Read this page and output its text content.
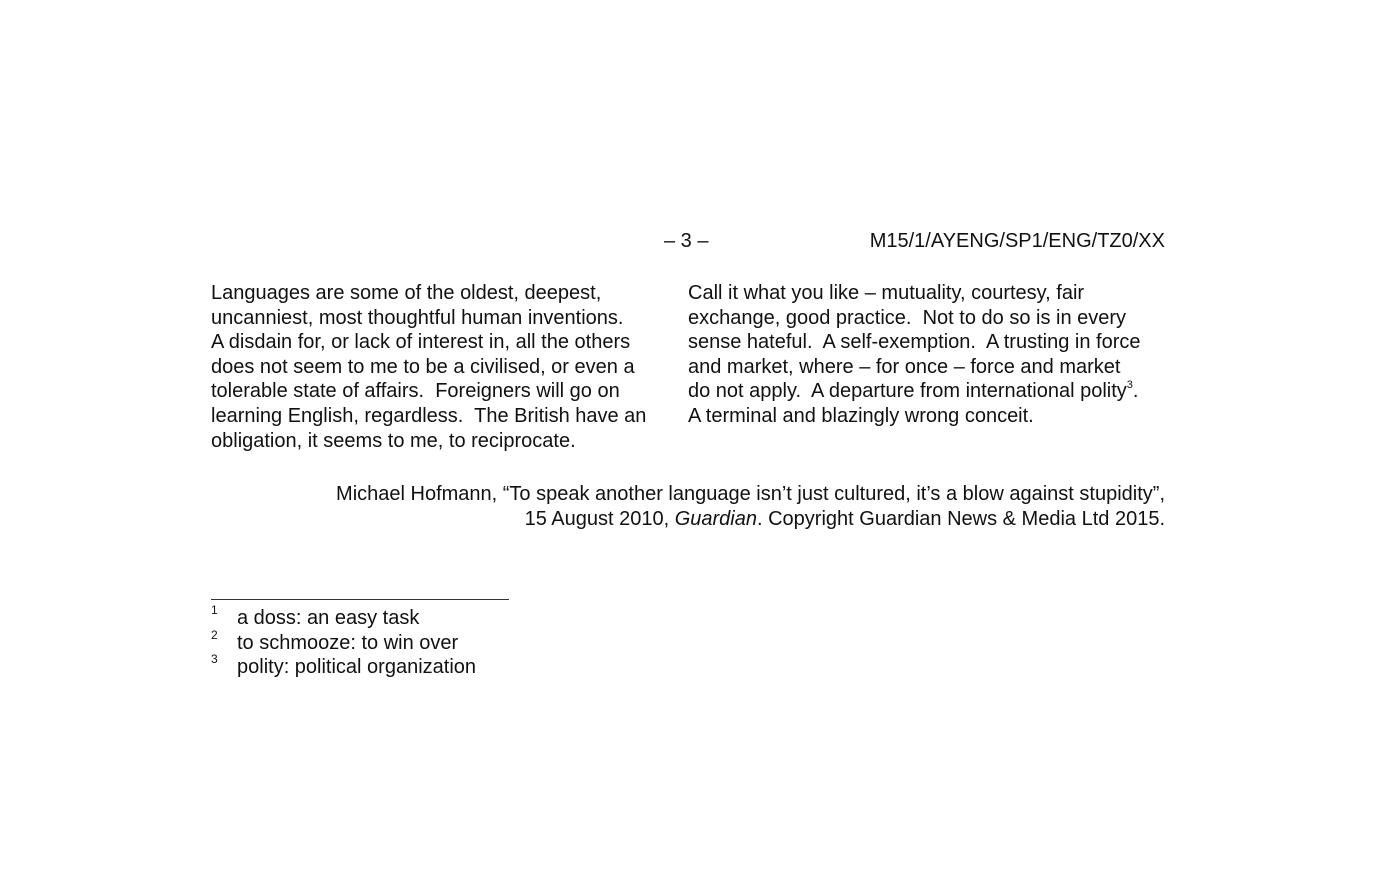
– 3 –	M15/1/AYENG/SP1/ENG/TZ0/XX
Languages are some of the oldest, deepest,
uncanniest, most thoughtful human inventions.
A disdain for, or lack of interest in, all the others
does not seem to me to be a civilised, or even a
tolerable state of affairs.  Foreigners will go on
learning English, regardless.  The British have an
obligation, it seems to me, to reciprocate.
Call it what you like – mutuality, courtesy, fair
exchange, good practice.  Not to do so is in every
sense hateful.  A self-exemption.  A trusting in force
and market, where – for once – force and market
do not apply.  A departure from international polity$^3$.
A terminal and blazingly wrong conceit.
Michael Hofmann, “To speak another language isn’t just cultured, it’s a blow against stupidity”,
15 August 2010, Guardian. Copyright Guardian News & Media Ltd 2015.
1 a doss: an easy task
2 to schmooze: to win over
3 polity: political organization
